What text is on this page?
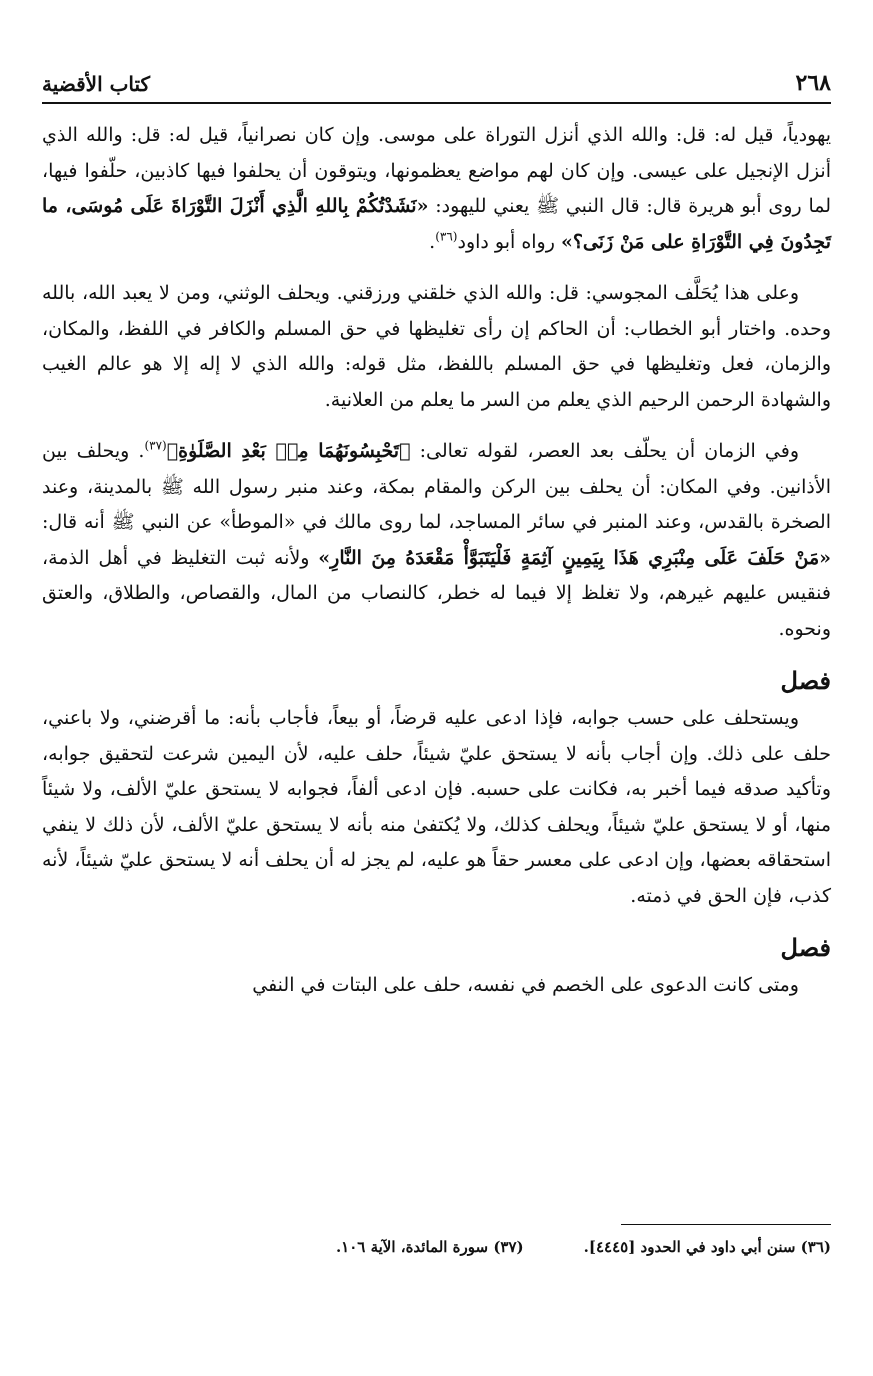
٢٦٨
كتاب الأقضية

يهودياً، قيل له: قل: والله الذي أنزل التوراة على موسى. وإن كان نصرانياً، قيل له: قل: والله الذي أنزل الإنجيل على عيسى. وإن كان لهم مواضع يعظمونها، ويتوقون أن يحلفوا فيها كاذبين، حلّفوا فيها، لما روى أبو هريرة قال: قال النبي ﷺ يعني لليهود: «نَشَدْتُكُمْ بِاللهِ الَّذِي أَنْزَلَ التَّوْرَاةَ عَلَى مُوسَى، ما تَجِدُونَ فِي التَّوْرَاةِ على مَنْ زَنَى؟» رواه أبو داود$^{(٣٦)}$.

وعلى هذا يُحَلَّف المجوسي: قل: والله الذي خلقني ورزقني. ويحلف الوثني، ومن لا يعبد الله، بالله وحده. واختار أبو الخطاب: أن الحاكم إن رأى تغليظها في حق المسلم والكافر في اللفظ، والمكان، والزمان، فعل وتغليظها في حق المسلم باللفظ، مثل قوله: والله الذي لا إله إلا هو عالم الغيب والشهادة الرحمن الرحيم الذي يعلم من السر ما يعلم من العلانية.

وفي الزمان أن يحلّف بعد العصر، لقوله تعالى: ﴿تَحْبِسُونَهُمَا مِنۢ بَعْدِ الصَّلَوٰةِ﴾$^{(٣٧)}$. ويحلف بين الأذانين. وفي المكان: أن يحلف بين الركن والمقام بمكة، وعند منبر رسول الله ﷺ بالمدينة، وعند الصخرة بالقدس، وعند المنبر في سائر المساجد، لما روى مالك في «الموطأ» عن النبي ﷺ أنه قال: «مَنْ حَلَفَ عَلَى مِنْبَرِي هَذَا بِيَمِينٍ آثِمَةٍ فَلْيَتَبَوَّأْ مَقْعَدَهُ مِنَ النَّارِ» ولأنه ثبت التغليظ في أهل الذمة، فنقيس عليهم غيرهم، ولا تغلظ إلا فيما له خطر، كالنصاب من المال، والقصاص، والطلاق، والعتق ونحوه.

فصل

ويستحلف على حسب جوابه، فإذا ادعى عليه قرضاً، أو بيعاً، فأجاب بأنه: ما أقرضني، ولا باعني، حلف على ذلك. وإن أجاب بأنه لا يستحق عليّ شيئاً، حلف عليه، لأن اليمين شرعت لتحقيق جوابه، وتأكيد صدقه فيما أخبر به، فكانت على حسبه. فإن ادعى ألفاً، فجوابه لا يستحق عليّ الألف، ولا شيئاً منها، أو لا يستحق عليّ شيئاً، ويحلف كذلك، ولا يُكتفىٰ منه بأنه لا يستحق عليّ الألف، لأن ذلك لا ينفي استحقاقه بعضها، وإن ادعى على معسر حقاً هو عليه، لم يجز له أن يحلف أنه لا يستحق عليّ شيئاً، لأنه كذب، فإن الحق في ذمته.

فصل

ومتى كانت الدعوى على الخصم في نفسه، حلف على البتات في النفي

(٣٦) سنن أبي داود في الحدود [٤٤٤٥].
(٣٧) سورة المائدة، الآية ١٠٦.
